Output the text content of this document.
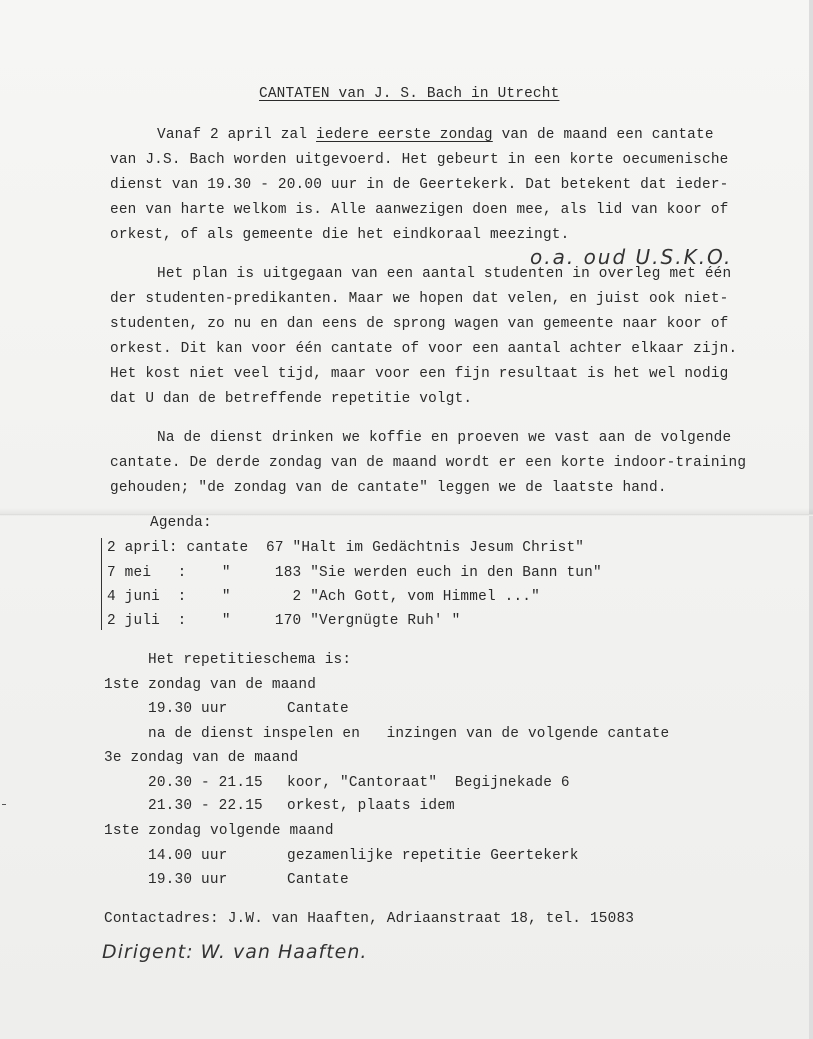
CANTATEN van J. S. Bach in Utrecht
Vanaf 2 april zal iedere eerste zondag van de maand een cantate
van J.S. Bach worden uitgevoerd. Het gebeurt in een korte oecumenische
dienst van 19.30 - 20.00 uur in de Geertekerk. Dat betekent dat ieder-
een van harte welkom is. Alle aanwezigen doen mee, als lid van koor of
orkest, of als gemeente die het eindkoraal meezingt.
o.a. oud U.S.K.O.
Het plan is uitgegaan van een aantal studenten in overleg met één
der studenten-predikanten. Maar we hopen dat velen, en juist ook niet-
studenten, zo nu en dan eens de sprong wagen van gemeente naar koor of
orkest. Dit kan voor één cantate of voor een aantal achter elkaar zijn.
Het kost niet veel tijd, maar voor een fijn resultaat is het wel nodig
dat U dan de betreffende repetitie volgt.
Na de dienst drinken we koffie en proeven we vast aan de volgende
cantate. De derde zondag van de maand wordt er een korte indoor-training
gehouden; "de zondag van de cantate" leggen we de laatste hand.
Agenda:
2 april: cantate  67 "Halt im Gedächtnis Jesum Christ"
7 mei   :    "     183 "Sie werden euch in den Bann tun"
4 juni  :    "       2 "Ach Gott, vom Himmel ..."
2 juli  :    "     170 "Vergnügte Ruh' "
Het repetitieschema is:
1ste zondag van de maand
19.30 uur	Cantate
na de dienst inspelen en   inzingen van de volgende cantate
3e zondag van de maand
20.30 - 21.15 koor, "Cantoraat"  Begijnekade 6
21.30 - 22.15 orkest, plaats idem
1ste zondag volgende maand
14.00 uur	gezamenlijke repetitie Geertekerk
19.30 uur	Cantate
Contactadres: J.W. van Haaften, Adriaanstraat 18, tel. 15083
Dirigent: W. van Haaften.
